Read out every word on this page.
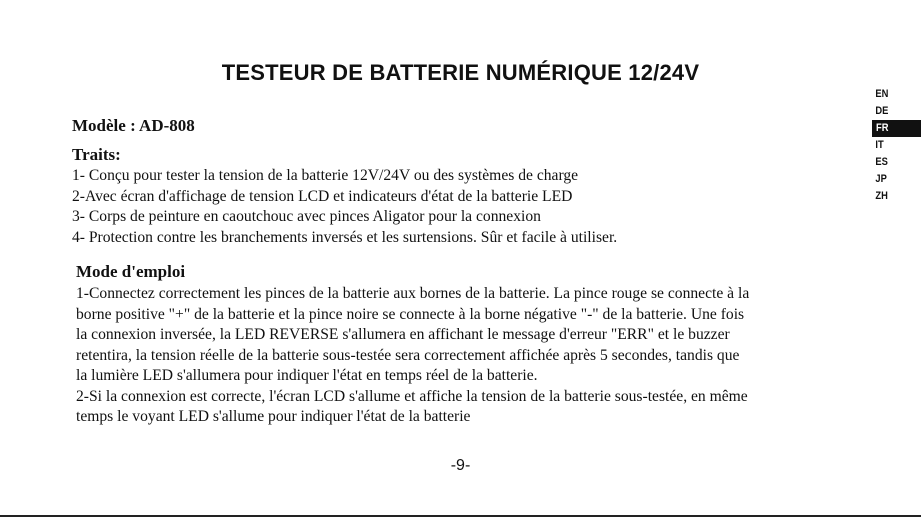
TESTEUR DE BATTERIE NUMÉRIQUE 12/24V

Modèle : AD-808

Traits:
1- Conçu pour tester la tension de la batterie 12V/24V ou des systèmes de charge
2-Avec écran d'affichage de tension LCD et indicateurs d'état de la batterie LED
3- Corps de peinture en caoutchouc avec pinces Aligator pour la connexion
4- Protection contre les branchements inversés et les surtensions. Sûr et facile à utiliser.
Mode d'emploi
1-Connectez correctement les pinces de la batterie aux bornes de la batterie. La pince rouge se connecte à la
borne positive "+" de la batterie et la pince noire se connecte à la borne négative "-" de la batterie. Une fois
la connexion inversée, la LED REVERSE s'allumera en affichant le message d'erreur "ERR" et le buzzer
retentira, la tension réelle de la batterie sous-testée sera correctement affichée après 5 secondes, tandis que
la lumière LED s'allumera pour indiquer l'état en temps réel de la batterie.
2-Si la connexion est correcte, l'écran LCD s'allume et affiche la tension de la batterie sous-testée, en même
temps le voyant LED s'allume pour indiquer l'état de la batterie
-9-
EN
DE
FR
IT
ES
JP
ZH
